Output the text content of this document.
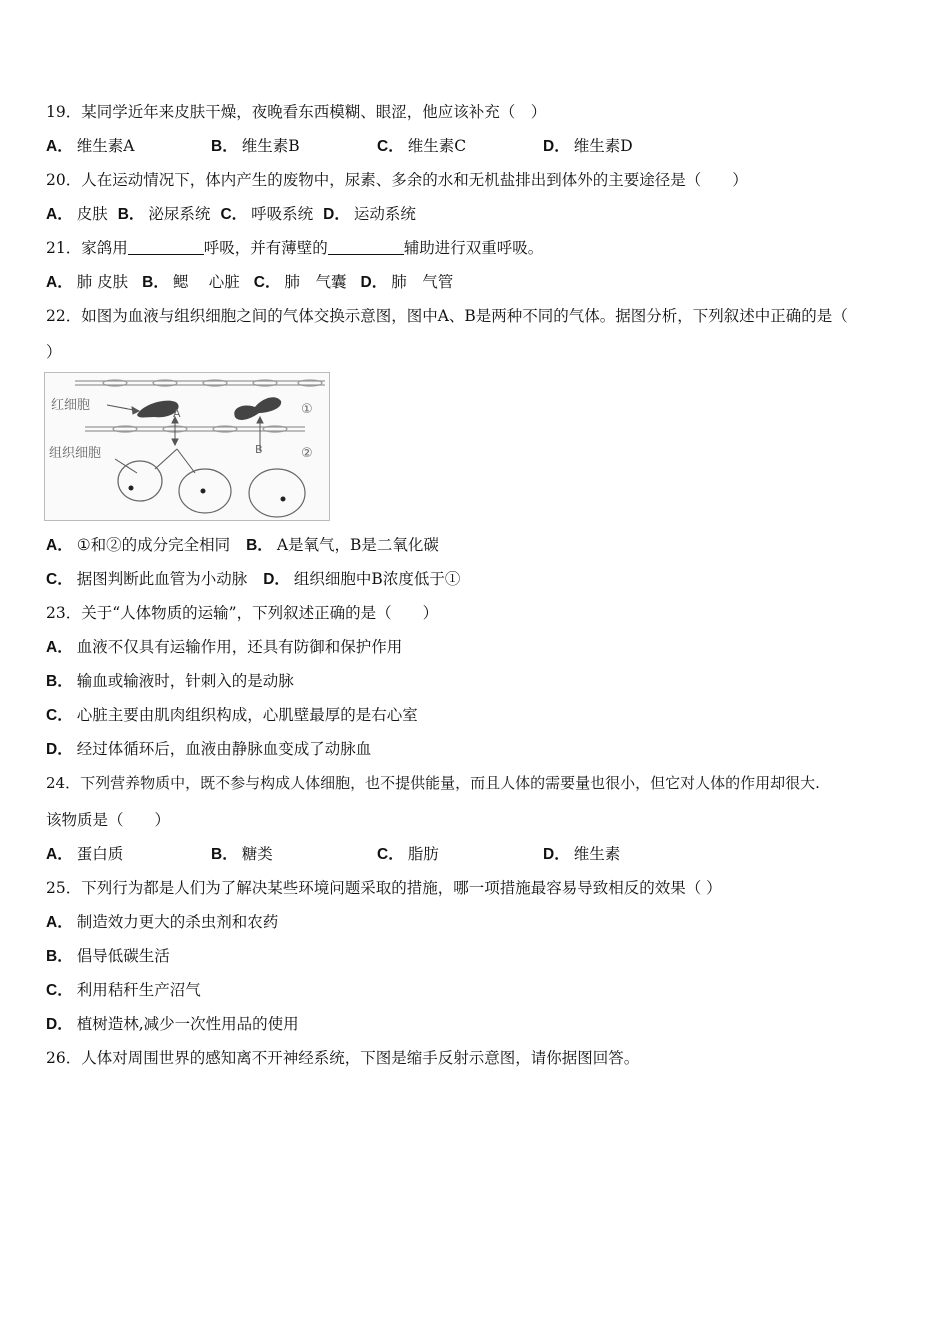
19．某同学近年来皮肤干燥，夜晚看东西模糊、眼涩，他应该补充（　）
A． 维生素A	B． 维生素B	C． 维生素C	D． 维生素D
20．人在运动情况下，体内产生的废物中，尿素、多余的水和无机盐排出到体外的主要途径是（　　）
A． 皮肤 B． 泌尿系统 C． 呼吸系统 D． 运动系统
21．家鸽用	呼吸，并有薄壁的	辅助进行双重呼吸。
A． 肺 皮肤 B． 鳃　 心脏 C． 肺　气囊 D． 肺　气管
22．如图为血液与组织细胞之间的气体交换示意图，图中A、B是两种不同的气体。据图分析，下列叙述中正确的是（
）
红细胞
组织细胞
A
B
①
②
A． ①和②的成分完全相同 B． A是氧气，B是二氧化碳
C． 据图判断此血管为小动脉 D． 组织细胞中B浓度低于①
23．关于“人体物质的运输”，下列叙述正确的是（　　）
A． 血液不仅具有运输作用，还具有防御和保护作用
B． 输血或输液时，针刺入的是动脉
C． 心脏主要由肌肉组织构成，心肌壁最厚的是右心室
D． 经过体循环后，血液由静脉血变成了动脉血
24．下列营养物质中，既不参与构成人体细胞，也不提供能量，而且人体的需要量也很小，但它对人体的作用却很大.
该物质是（　　）
A． 蛋白质	B． 糖类	C． 脂肪	D． 维生素
25．下列行为都是人们为了解决某些环境问题采取的措施，哪一项措施最容易导致相反的效果（ ）
A． 制造效力更大的杀虫剂和农药
B． 倡导低碳生活
C． 利用秸秆生产沼气
D． 植树造林,减少一次性用品的使用
26．人体对周围世界的感知离不开神经系统，下图是缩手反射示意图，请你据图回答。
